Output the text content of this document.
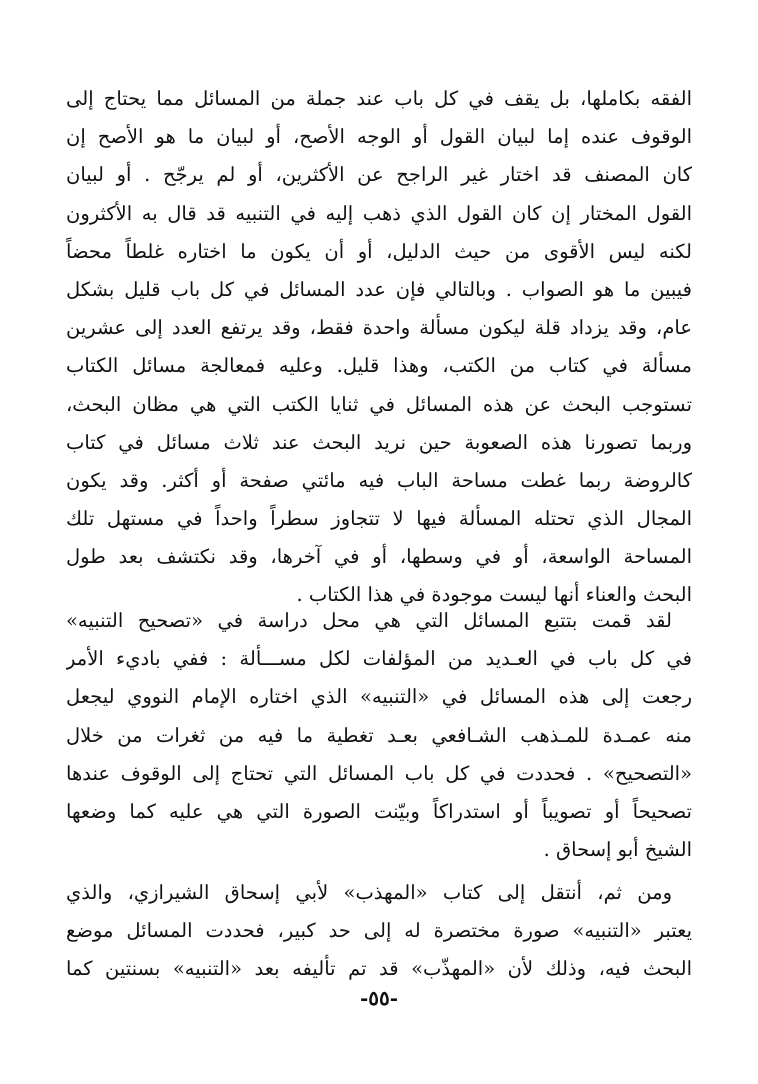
الفقه بكاملها، بل يقف في كل باب عند جملة من المسائل مما يحتاج إلى
الوقوف عنده إما لبيان القول أو الوجه الأصح، أو لبيان ما هو الأصح إن
كان المصنف قد اختار غير الراجح عن الأكثرين، أو لم يرجّح . أو لبيان
القول المختار إن كان القول الذي ذهب إليه في التنبيه قد قال به الأكثرون
لكنه ليس الأقوى من حيث الدليل، أو أن يكون ما اختاره غلطاً محضاً
فيبين ما هو الصواب . وبالتالي فإن عدد المسائل في كل باب قليل بشكل
عام، وقد يزداد قلة ليكون مسألة واحدة فقط، وقد يرتفع العدد إلى عشرين
مسألة في كتاب من الكتب، وهذا قليل. وعليه فمعالجة مسائل الكتاب
تستوجب البحث عن هذه المسائل في ثنايا الكتب التي هي مظان البحث،
وربما تصورنا هذه الصعوبة حين نريد البحث عند ثلاث مسائل في كتاب
كالروضة ربما غطت مساحة الباب فيه مائتي صفحة أو أكثر. وقد يكون
المجال الذي تحتله المسألة فيها لا تتجاوز سطراً واحداً في مستهل تلك
المساحة الواسعة، أو في وسطها، أو في آخرها، وقد نكتشف بعد طول
البحث والعناء أنها ليست موجودة في هذا الكتاب .
لقد قمت بتتبع المسائل التي هي محل دراسة في «تصحيح التنبيه»
في كل باب في العـديد من المؤلفات لكل مســـألة : ففي باديء الأمر
رجعت إلى هذه المسائل في «التنبيه» الذي اختاره الإمام النووي ليجعل
منه عمـدة للمـذهب الشـافعي بعـد تغطية ما فيه من ثغرات من خلال
«التصحيح» . فحددت في كل باب المسائل التي تحتاج إلى الوقوف عندها
تصحيحاً أو تصويباً أو استدراكاً وبيّنت الصورة التي هي عليه كما وضعها
الشيخ أبو إسحاق .
ومن ثم، أنتقل إلى كتاب «المهذب» لأبي إسحاق الشيرازي، والذي
يعتبر «التنبيه» صورة مختصرة له إلى حد كبير، فحددت المسائل موضع
البحث فيه، وذلك لأن «المهذّب» قد تم تأليفه بعد «التنبيه» بسنتين كما
-٥٥-
